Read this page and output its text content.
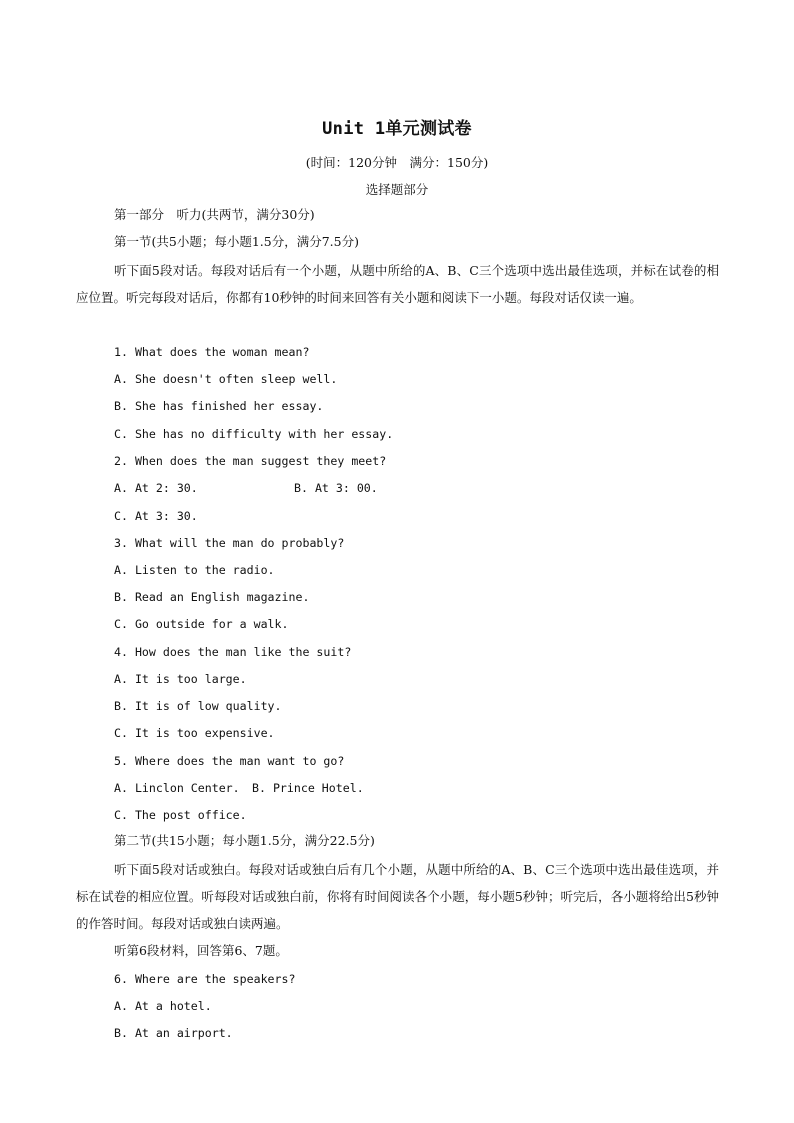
Unit 1单元测试卷
(时间：120分钟　满分：150分)
选择题部分
第一部分　听力(共两节，满分30分)
第一节(共5小题；每小题1.5分，满分7.5分)
听下面5段对话。每段对话后有一个小题，从题中所给的A、B、C三个选项中选出最佳选项，并标在试卷的相应位置。听完每段对话后，你都有10秒钟的时间来回答有关小题和阅读下一小题。每段对话仅读一遍。
1. What does the woman mean?
A. She doesn't often sleep well.
B. She has finished her essay.
C. She has no difficulty with her essay.
2. When does the man suggest they meet?
A. At 2: 30.	B. At 3: 00.
C. At 3: 30.
3. What will the man do probably?
A. Listen to the radio.
B. Read an English magazine.
C. Go outside for a walk.
4. How does the man like the suit?
A. It is too large.
B. It is of low quality.
C. It is too expensive.
5. Where does the man want to go?
A. Linclon Center. B. Prince Hotel.
C. The post office.
第二节(共15小题；每小题1.5分，满分22.5分)
听下面5段对话或独白。每段对话或独白后有几个小题，从题中所给的A、B、C三个选项中选出最佳选项，并标在试卷的相应位置。听每段对话或独白前，你将有时间阅读各个小题，每小题5秒钟；听完后，各小题将给出5秒钟的作答时间。每段对话或独白读两遍。
听第6段材料，回答第6、7题。
6. Where are the speakers?
A. At a hotel.
B. At an airport.
